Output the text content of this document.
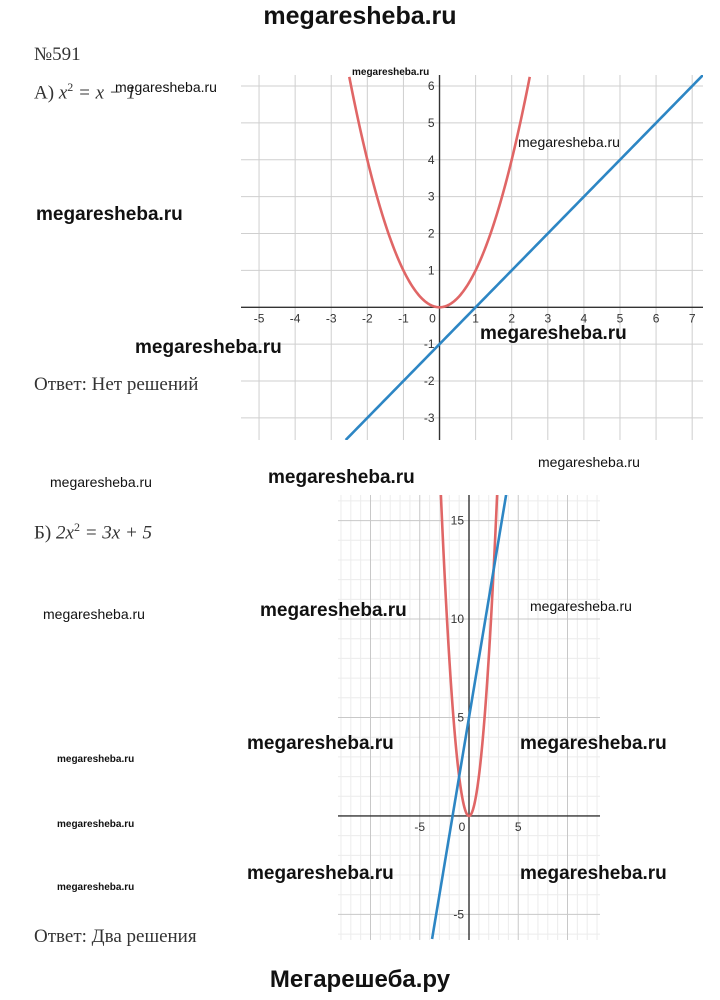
megaresheba.ru
№591
А) $x^2 = x - 1$
Ответ: Нет решений
Б) $2x^2 = 3x + 5$
Ответ: Два решения
-5 -4 -3 -2 -1 0	1 2 3 4 5 6 7
-3
-2
-1
1
2
3
4
5
6
-5	0	5
-5
5
10
15
megaresheba.ru
megaresheba.ru
megaresheba.ru
megaresheba.ru
megaresheba.ru
megaresheba.ru
megaresheba.ru
megaresheba.ru
megaresheba.ru
megaresheba.ru	megaresheba.ru
megaresheba.ru
megaresheba.ru	megaresheba.ru
megaresheba.ru
megaresheba.ru
megaresheba.ru	megaresheba.ru
megaresheba.ru
Мегарешеба.ру
